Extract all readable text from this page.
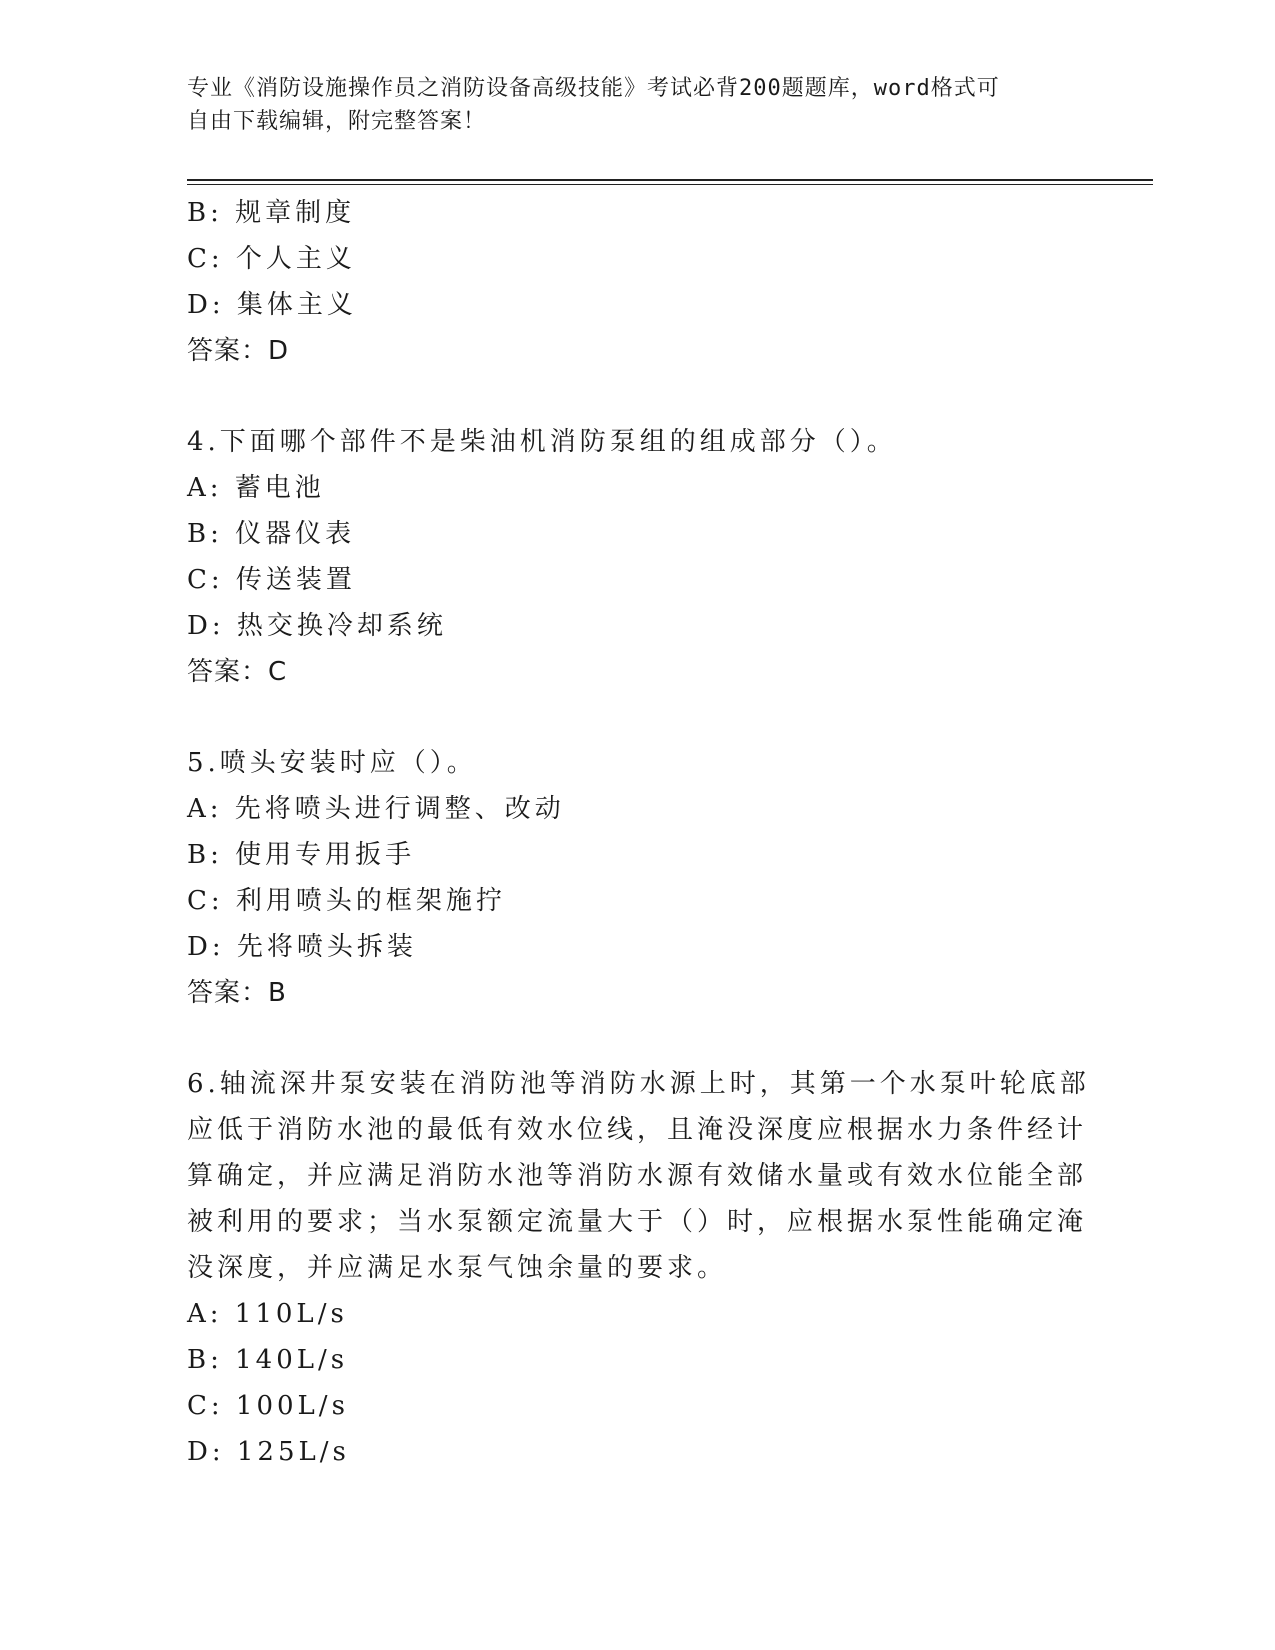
专业《消防设施操作员之消防设备高级技能》考试必背200题题库，word格式可
自由下载编辑，附完整答案！
B: 规章制度
C: 个人主义
D: 集体主义
答案：D
4.下面哪个部件不是柴油机消防泵组的组成部分（）。
A: 蓄电池
B: 仪器仪表
C: 传送装置
D: 热交换冷却系统
答案：C
5.喷头安装时应（）。
A: 先将喷头进行调整、改动
B: 使用专用扳手
C: 利用喷头的框架施拧
D: 先将喷头拆装
答案：B
6.轴流深井泵安装在消防池等消防水源上时，其第一个水泵叶轮底部
应低于消防水池的最低有效水位线，且淹没深度应根据水力条件经计
算确定，并应满足消防水池等消防水源有效储水量或有效水位能全部
被利用的要求；当水泵额定流量大于（）时，应根据水泵性能确定淹
没深度，并应满足水泵气蚀余量的要求。
A: 110L/s
B: 140L/s
C: 100L/s
D: 125L/s
